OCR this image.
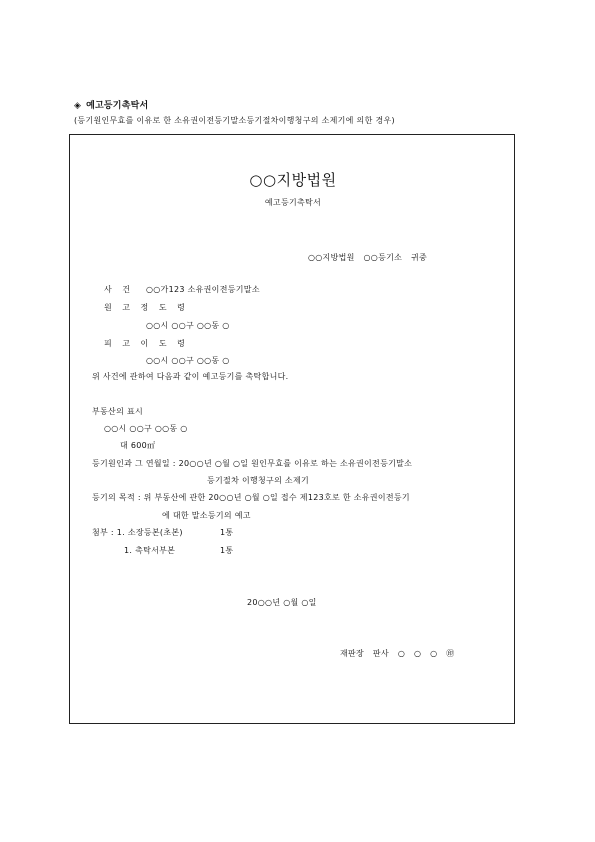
◈ 예고등기촉탁서
(등기원인무효를 이유로 한 소유권이전등기말소등기절차이행청구의 소제기에 의한 경우)
○○지방법원
예고등기촉탁서
○○지방법원 ○○등기소 귀중
사 건 ○○가123 소유권이전등기말소
원 고 정 도 령
○○시 ○○구 ○○동 ○
피 고 이 도 령
○○시 ○○구 ○○동 ○
위 사건에 관하여 다음과 같이 예고등기를 촉탁합니다.
부동산의 표시
○○시 ○○구 ○○동 ○
대 600㎡
등기원인과 그 연월일 : 20○○년 ○월 ○일 원인무효를 이유로 하는 소유권이전등기말소
등기절차 이행청구의 소제기
등기의 목적 : 위 부동산에 관한 20○○년 ○월 ○일 접수 제123호로 한 소유권이전등기
에 대한 말소등기의 예고
첨부 : 1. 소장등본(초본)	1통
1. 촉탁서부본	1통
20○○년 ○월 ○일
재판장 판사 ○ ○ ○ ㊞
